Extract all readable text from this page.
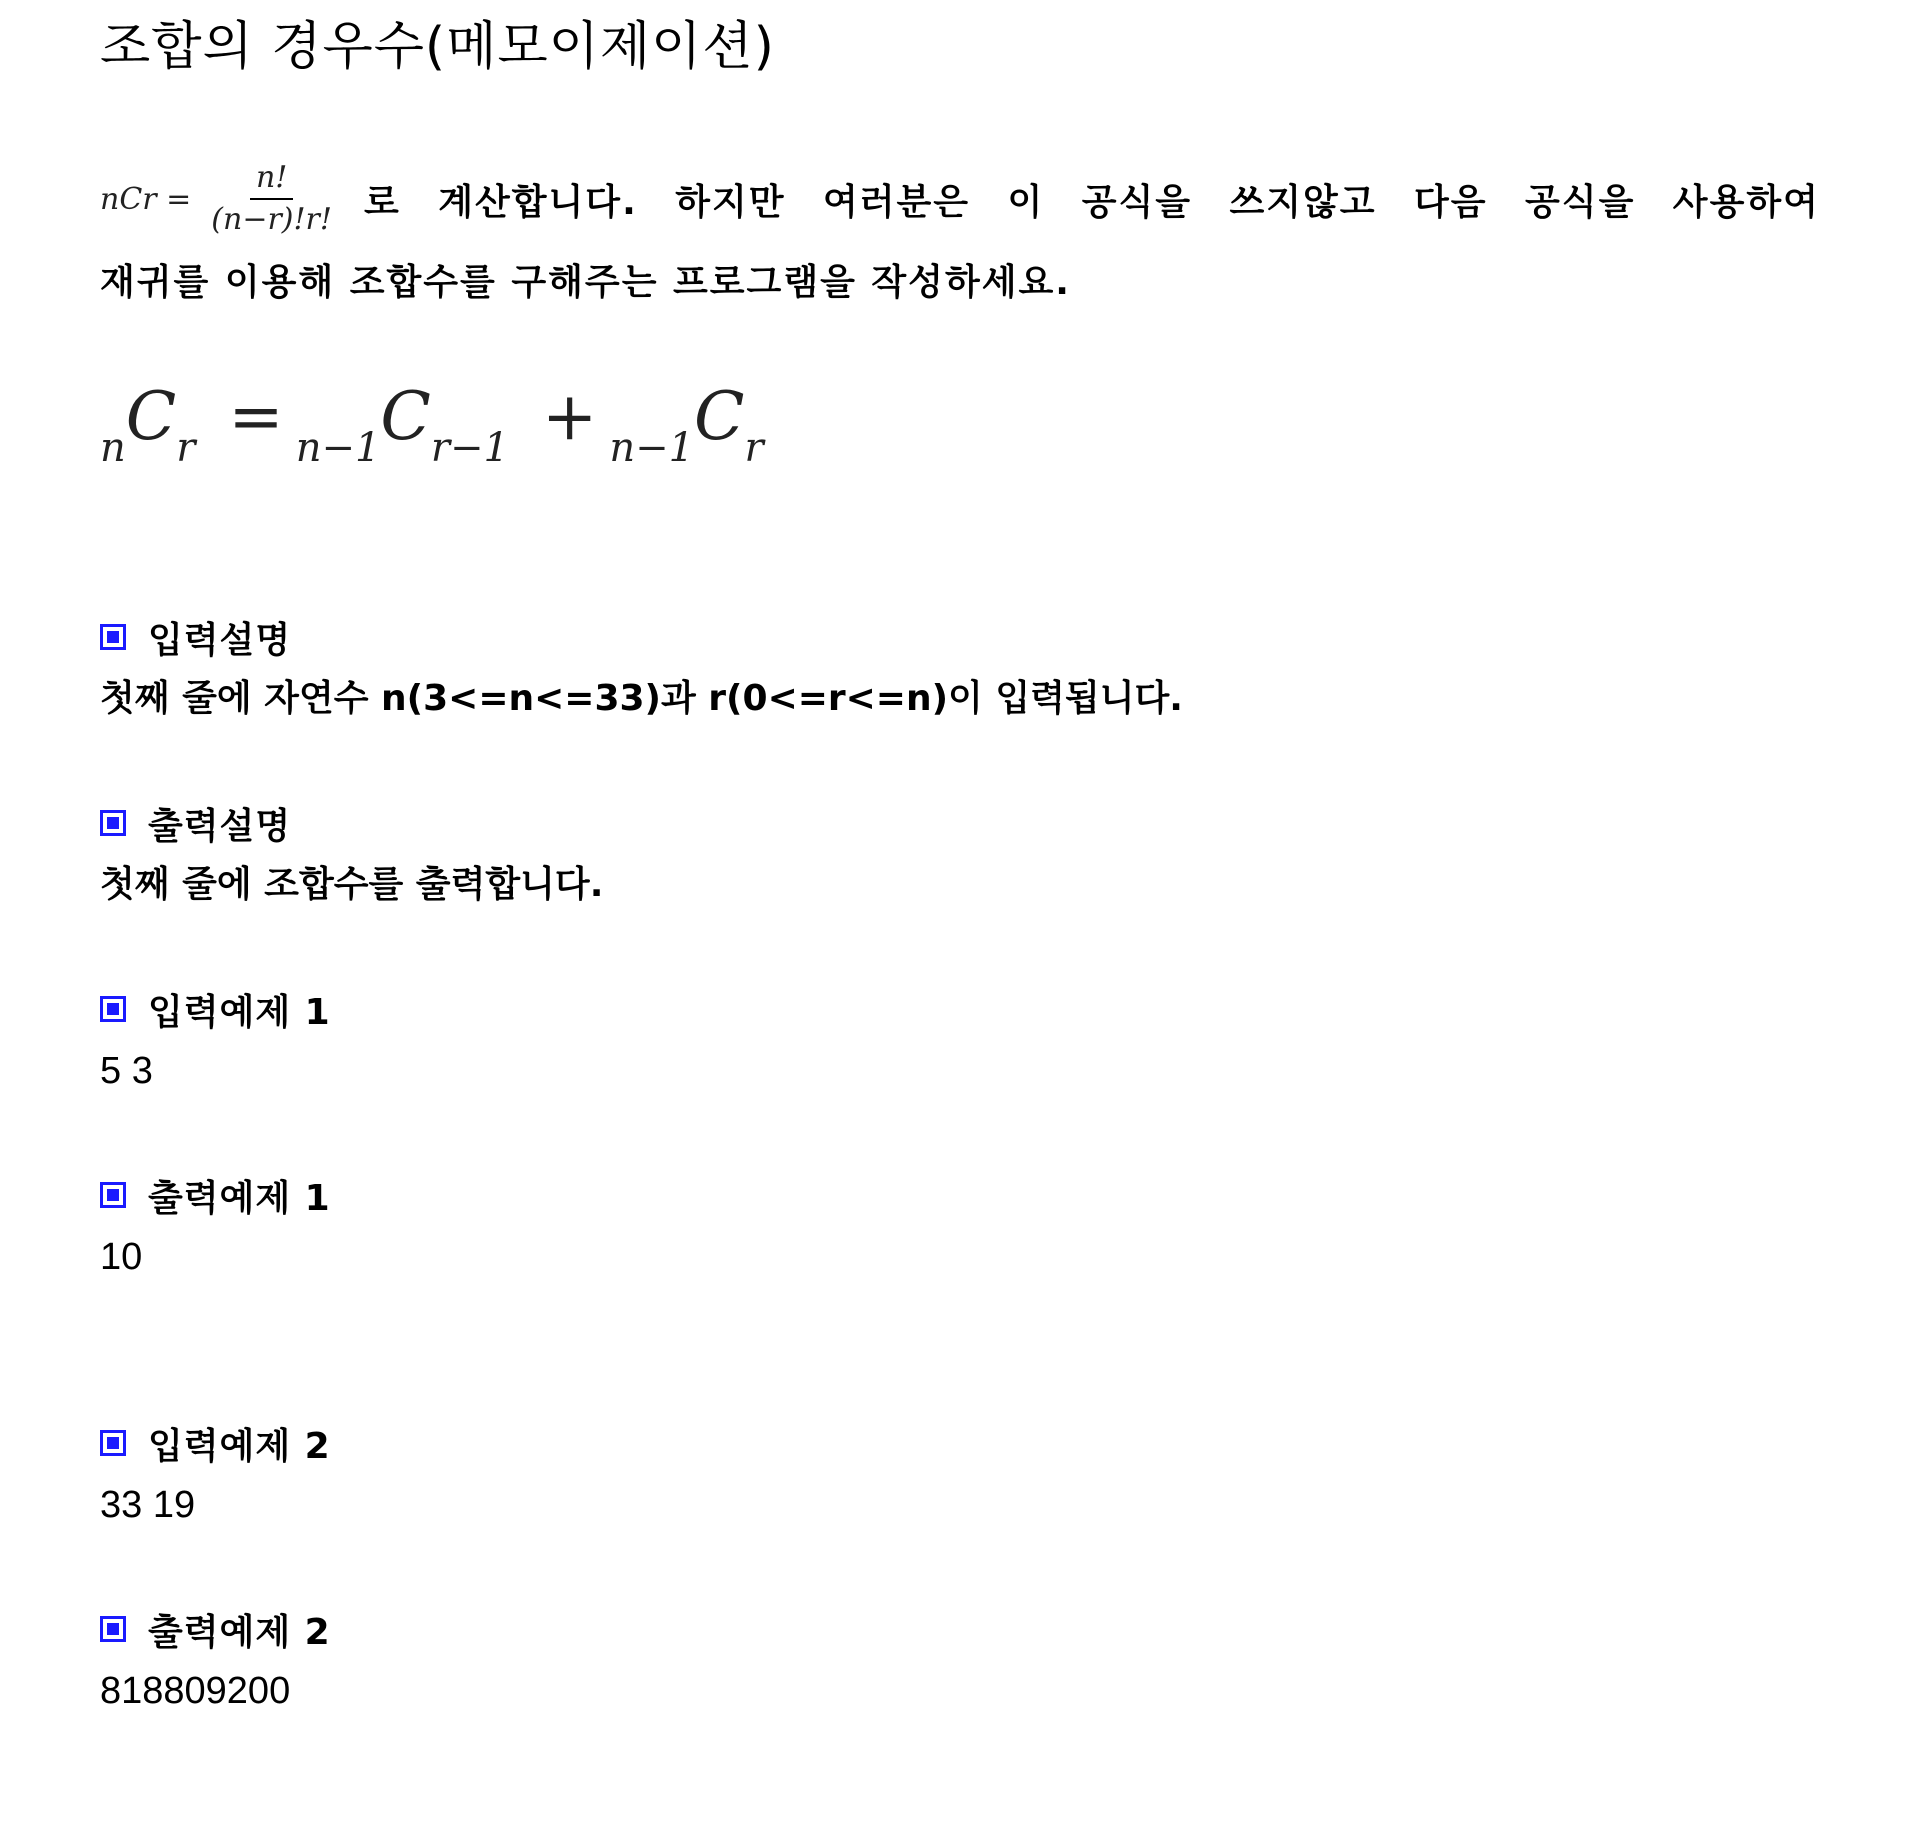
조합의 경우수(메모이제이션)
nCr = $\frac{n!}{(n-r)!r!}$ 로 계산합니다. 하지만 여러분은 이 공식을 쓰지않고 다음 공식을 사용하여
재귀를 이용해 조합수를 구해주는 프로그램을 작성하세요.
$_nC_r = _{n-1}C_{r-1} + _{n-1}C_r$
입력설명
첫째 줄에 자연수 n(3<=n<=33)과 r(0<=r<=n)이 입력됩니다.
출력설명
첫째 줄에 조합수를 출력합니다.
입력예제 1
5 3
출력예제 1
10
입력예제 2
33 19
출력예제 2
818809200
